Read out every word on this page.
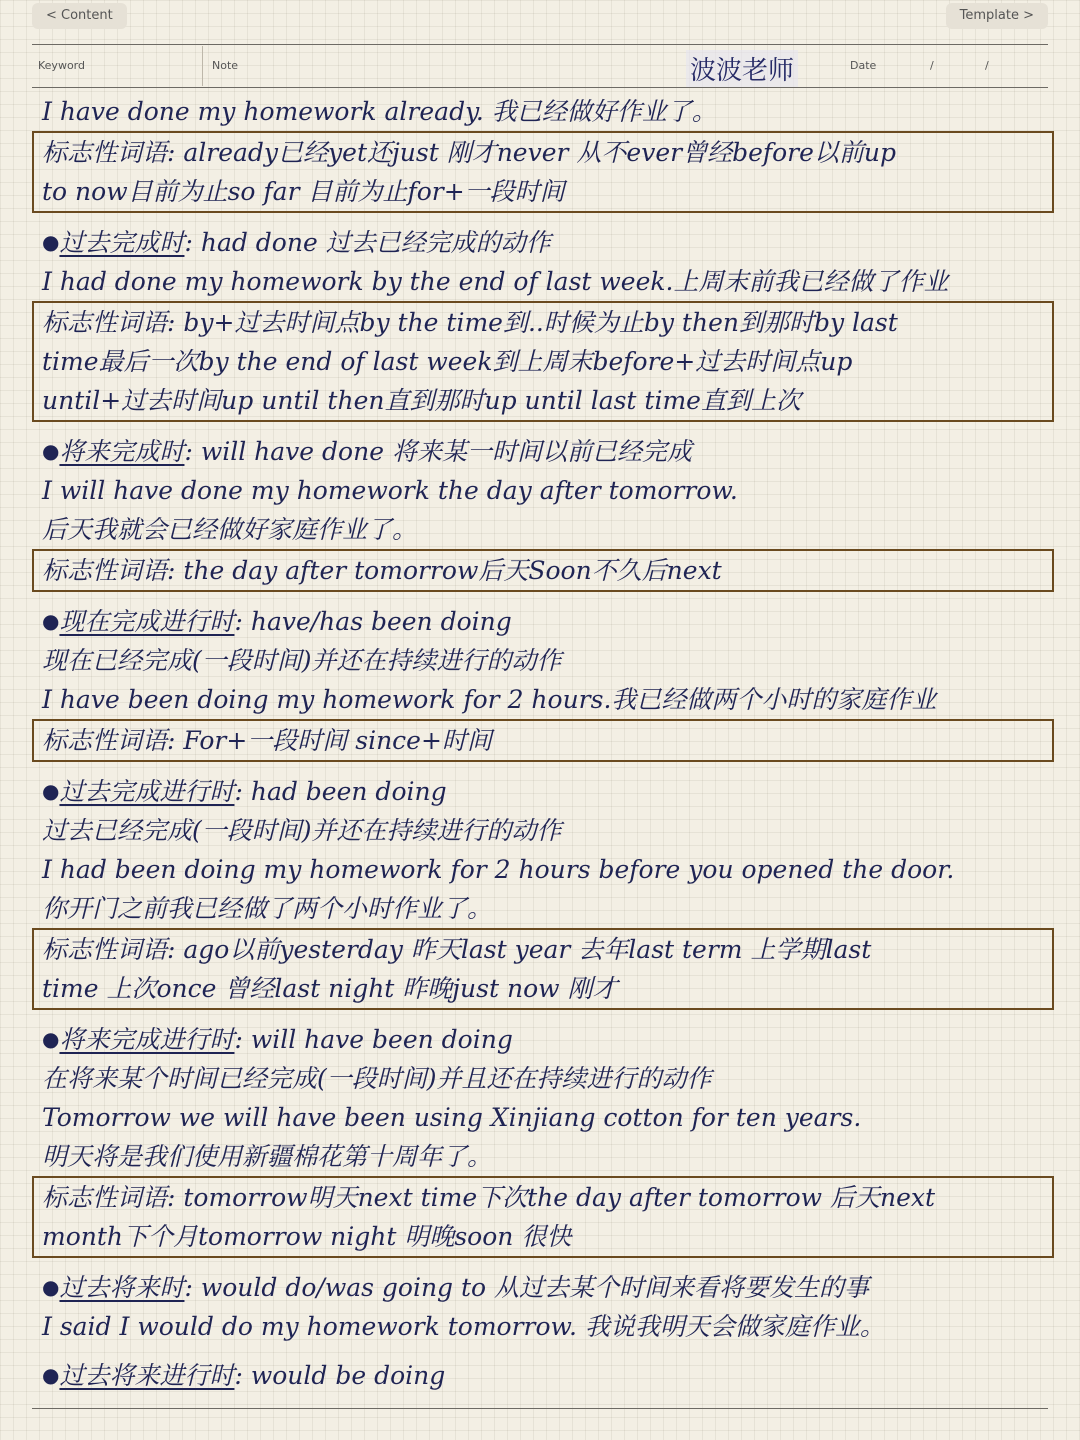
< Content	Template >
Keyword	Note	波波老师	Date	/	/
I have done my homework already. 我已经做好作业了。
标志性词语: already已经yet还just 刚才never 从不ever曾经before以前up
to now目前为止so far 目前为止for+一段时间
●过去完成时: had done 过去已经完成的动作
I had done my homework by the end of last week.上周末前我已经做了作业
标志性词语: by+过去时间点by the time到..时候为止by then到那时by last
time最后一次by the end of last week到上周末before+过去时间点up
until+过去时间up until then直到那时up until last time直到上次
●将来完成时: will have done 将来某一时间以前已经完成
I will have done my homework the day after tomorrow.
后天我就会已经做好家庭作业了。
标志性词语: the day after tomorrow后天Soon不久后next
●现在完成进行时: have/has been doing
现在已经完成(一段时间)并还在持续进行的动作
I have been doing my homework for 2 hours.我已经做两个小时的家庭作业
标志性词语: For+一段时间 since+时间
●过去完成进行时: had been doing
过去已经完成(一段时间)并还在持续进行的动作
I had been doing my homework for 2 hours before you opened the door.
你开门之前我已经做了两个小时作业了。
标志性词语: ago以前yesterday 昨天last year 去年last term 上学期last
time 上次once 曾经last night 昨晚just now 刚才
●将来完成进行时: will have been doing
在将来某个时间已经完成(一段时间)并且还在持续进行的动作
Tomorrow we will have been using Xinjiang cotton for ten years.
明天将是我们使用新疆棉花第十周年了。
标志性词语: tomorrow明天next time下次the day after tomorrow 后天next
month下个月tomorrow night 明晚soon 很快
●过去将来时: would do/was going to 从过去某个时间来看将要发生的事
I said I would do my homework tomorrow. 我说我明天会做家庭作业。
●过去将来进行时: would be doing
